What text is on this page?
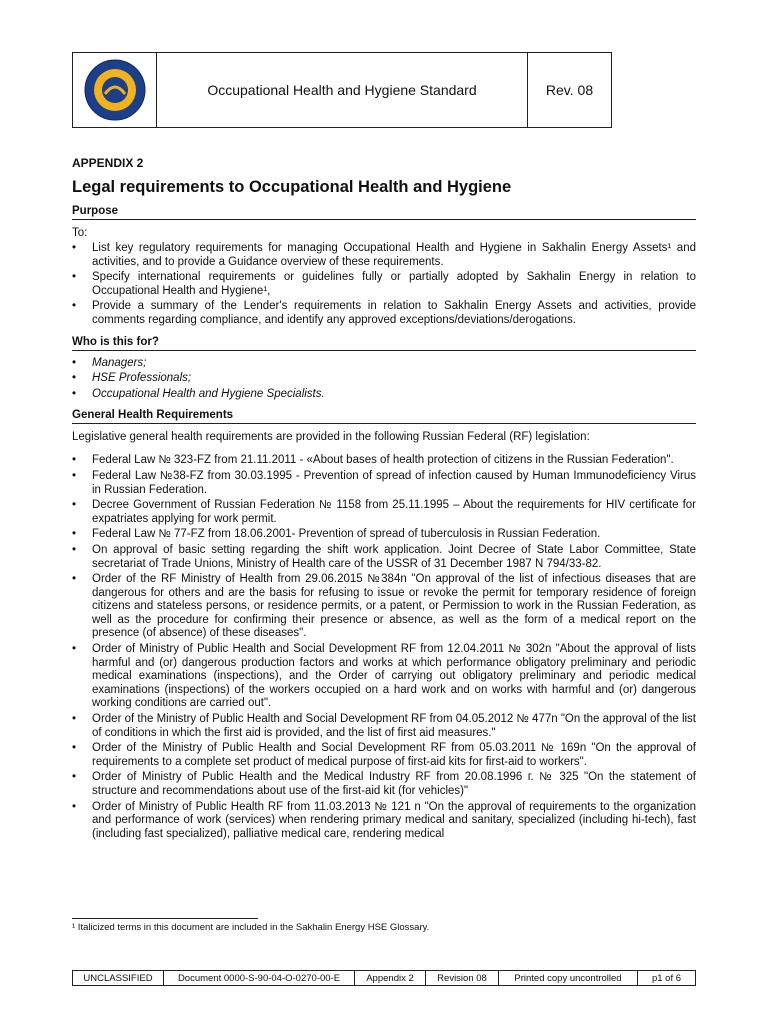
Occupational Health and Hygiene Standard	Rev. 08
APPENDIX 2
Legal requirements to Occupational Health and Hygiene
Purpose
To:
• List key regulatory requirements for managing Occupational Health and Hygiene in Sakhalin Energy Assets¹ and activities, and to provide a Guidance overview of these requirements.
• Specify international requirements or guidelines fully or partially adopted by Sakhalin Energy in relation to Occupational Health and Hygiene¹,
• Provide a summary of the Lender's requirements in relation to Sakhalin Energy Assets and activities, provide comments regarding compliance, and identify any approved exceptions/deviations/derogations.
Who is this for?
• Managers;
• HSE Professionals;
• Occupational Health and Hygiene Specialists.
General Health Requirements
Legislative general health requirements are provided in the following Russian Federal (RF) legislation:
• Federal Law № 323-FZ from 21.11.2011 - «About bases of health protection of citizens in the Russian Federation".
• Federal Law №38-FZ from 30.03.1995 - Prevention of spread of infection caused by Human Immunodeficiency Virus in Russian Federation.
• Decree Government of Russian Federation № 1158 from 25.11.1995 – About the requirements for HIV certificate for expatriates applying for work permit.
• Federal Law № 77-FZ from 18.06.2001- Prevention of spread of tuberculosis in Russian Federation.
• On approval of basic setting regarding the shift work application. Joint Decree of State Labor Committee, State secretariat of Trade Unions, Ministry of Health care of the USSR of 31 December 1987 N 794/33-82.
• Order of the RF Ministry of Health from 29.06.2015 №384n "On approval of the list of infectious diseases that are dangerous for others and are the basis for refusing to issue or revoke the permit for temporary residence of foreign citizens and stateless persons, or residence permits, or a patent, or Permission to work in the Russian Federation, as well as the procedure for confirming their presence or absence, as well as the form of a medical report on the presence (of absence) of these diseases".
• Order of Ministry of Public Health and Social Development RF from 12.04.2011 № 302n "About the approval of lists harmful and (or) dangerous production factors and works at which performance obligatory preliminary and periodic medical examinations (inspections), and the Order of carrying out obligatory preliminary and periodic medical examinations (inspections) of the workers occupied on a hard work and on works with harmful and (or) dangerous working conditions are carried out".
• Order of the Ministry of Public Health and Social Development RF from 04.05.2012 № 477n "On the approval of the list of conditions in which the first aid is provided, and the list of first aid measures."
• Order of the Ministry of Public Health and Social Development RF from 05.03.2011 № 169n "On the approval of requirements to a complete set product of medical purpose of first-aid kits for first-aid to workers".
• Order of Ministry of Public Health and the Medical Industry RF from 20.08.1996 г. № 325 "On the statement of structure and recommendations about use of the first-aid kit (for vehicles)"
• Order of Ministry of Public Health RF from 11.03.2013 № 121 n "On the approval of requirements to the organization and performance of work (services) when rendering primary medical and sanitary, specialized (including hi-tech), fast (including fast specialized), palliative medical care, rendering medical
¹ Italicized terms in this document are included in the Sakhalin Energy HSE Glossary.
UNCLASSIFIED	Document 0000-S-90-04-O-0270-00-E	Appendix 2	Revision 08	Printed copy uncontrolled	p1 of 6
